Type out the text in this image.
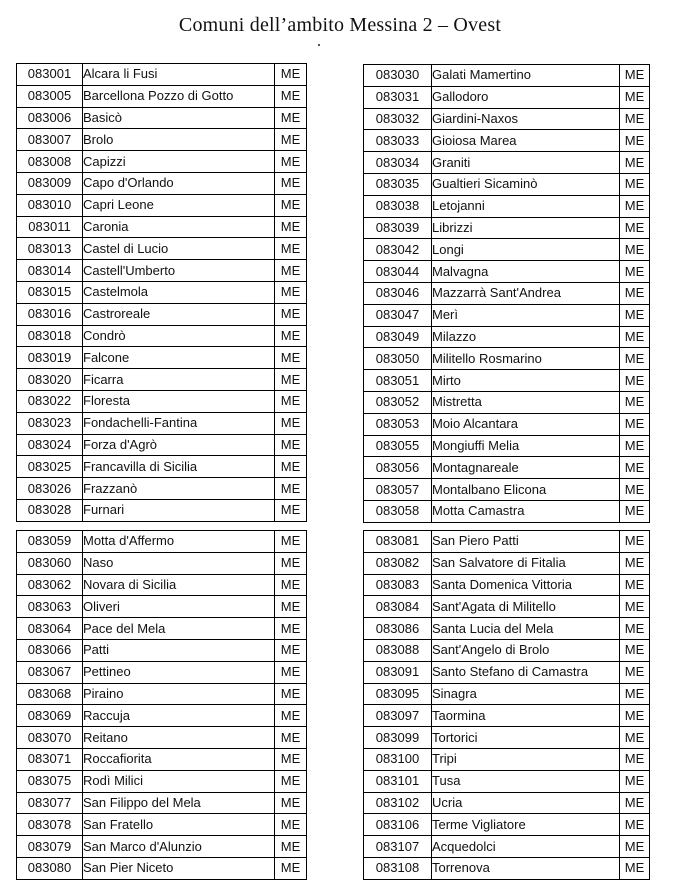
Comuni dell’ambito Messina 2 – Ovest
083001	Alcara li Fusi	ME
083005	Barcellona Pozzo di Gotto	ME
083006	Basicò	ME
083007	Brolo	ME
083008	Capizzi	ME
083009	Capo d'Orlando	ME
083010	Capri Leone	ME
083011	Caronia	ME
083013	Castel di Lucio	ME
083014	Castell'Umberto	ME
083015	Castelmola	ME
083016	Castroreale	ME
083018	Condrò	ME
083019	Falcone	ME
083020	Ficarra	ME
083022	Floresta	ME
083023	Fondachelli-Fantina	ME
083024	Forza d'Agrò	ME
083025	Francavilla di Sicilia	ME
083026	Frazzanò	ME
083028	Furnari	ME
083030	Galati Mamertino	ME
083031	Gallodoro	ME
083032	Giardini-Naxos	ME
083033	Gioiosa Marea	ME
083034	Graniti	ME
083035	Gualtieri Sicaminò	ME
083038	Letojanni	ME
083039	Librizzi	ME
083042	Longi	ME
083044	Malvagna	ME
083046	Mazzarrà Sant'Andrea	ME
083047	Merì	ME
083049	Milazzo	ME
083050	Militello Rosmarino	ME
083051	Mirto	ME
083052	Mistretta	ME
083053	Moio Alcantara	ME
083055	Mongiuffi Melia	ME
083056	Montagnareale	ME
083057	Montalbano Elicona	ME
083058	Motta Camastra	ME
083059	Motta d'Affermo	ME
083060	Naso	ME
083062	Novara di Sicilia	ME
083063	Oliveri	ME
083064	Pace del Mela	ME
083066	Patti	ME
083067	Pettineo	ME
083068	Piraino	ME
083069	Raccuja	ME
083070	Reitano	ME
083071	Roccafiorita	ME
083075	Rodì Milici	ME
083077	San Filippo del Mela	ME
083078	San Fratello	ME
083079	San Marco d'Alunzio	ME
083080	San Pier Niceto	ME
083081	San Piero Patti	ME
083082	San Salvatore di Fitalia	ME
083083	Santa Domenica Vittoria	ME
083084	Sant'Agata di Militello	ME
083086	Santa Lucia del Mela	ME
083088	Sant'Angelo di Brolo	ME
083091	Santo Stefano di Camastra	ME
083095	Sinagra	ME
083097	Taormina	ME
083099	Tortorici	ME
083100	Tripi	ME
083101	Tusa	ME
083102	Ucria	ME
083106	Terme Vigliatore	ME
083107	Acquedolci	ME
083108	Torrenova	ME
